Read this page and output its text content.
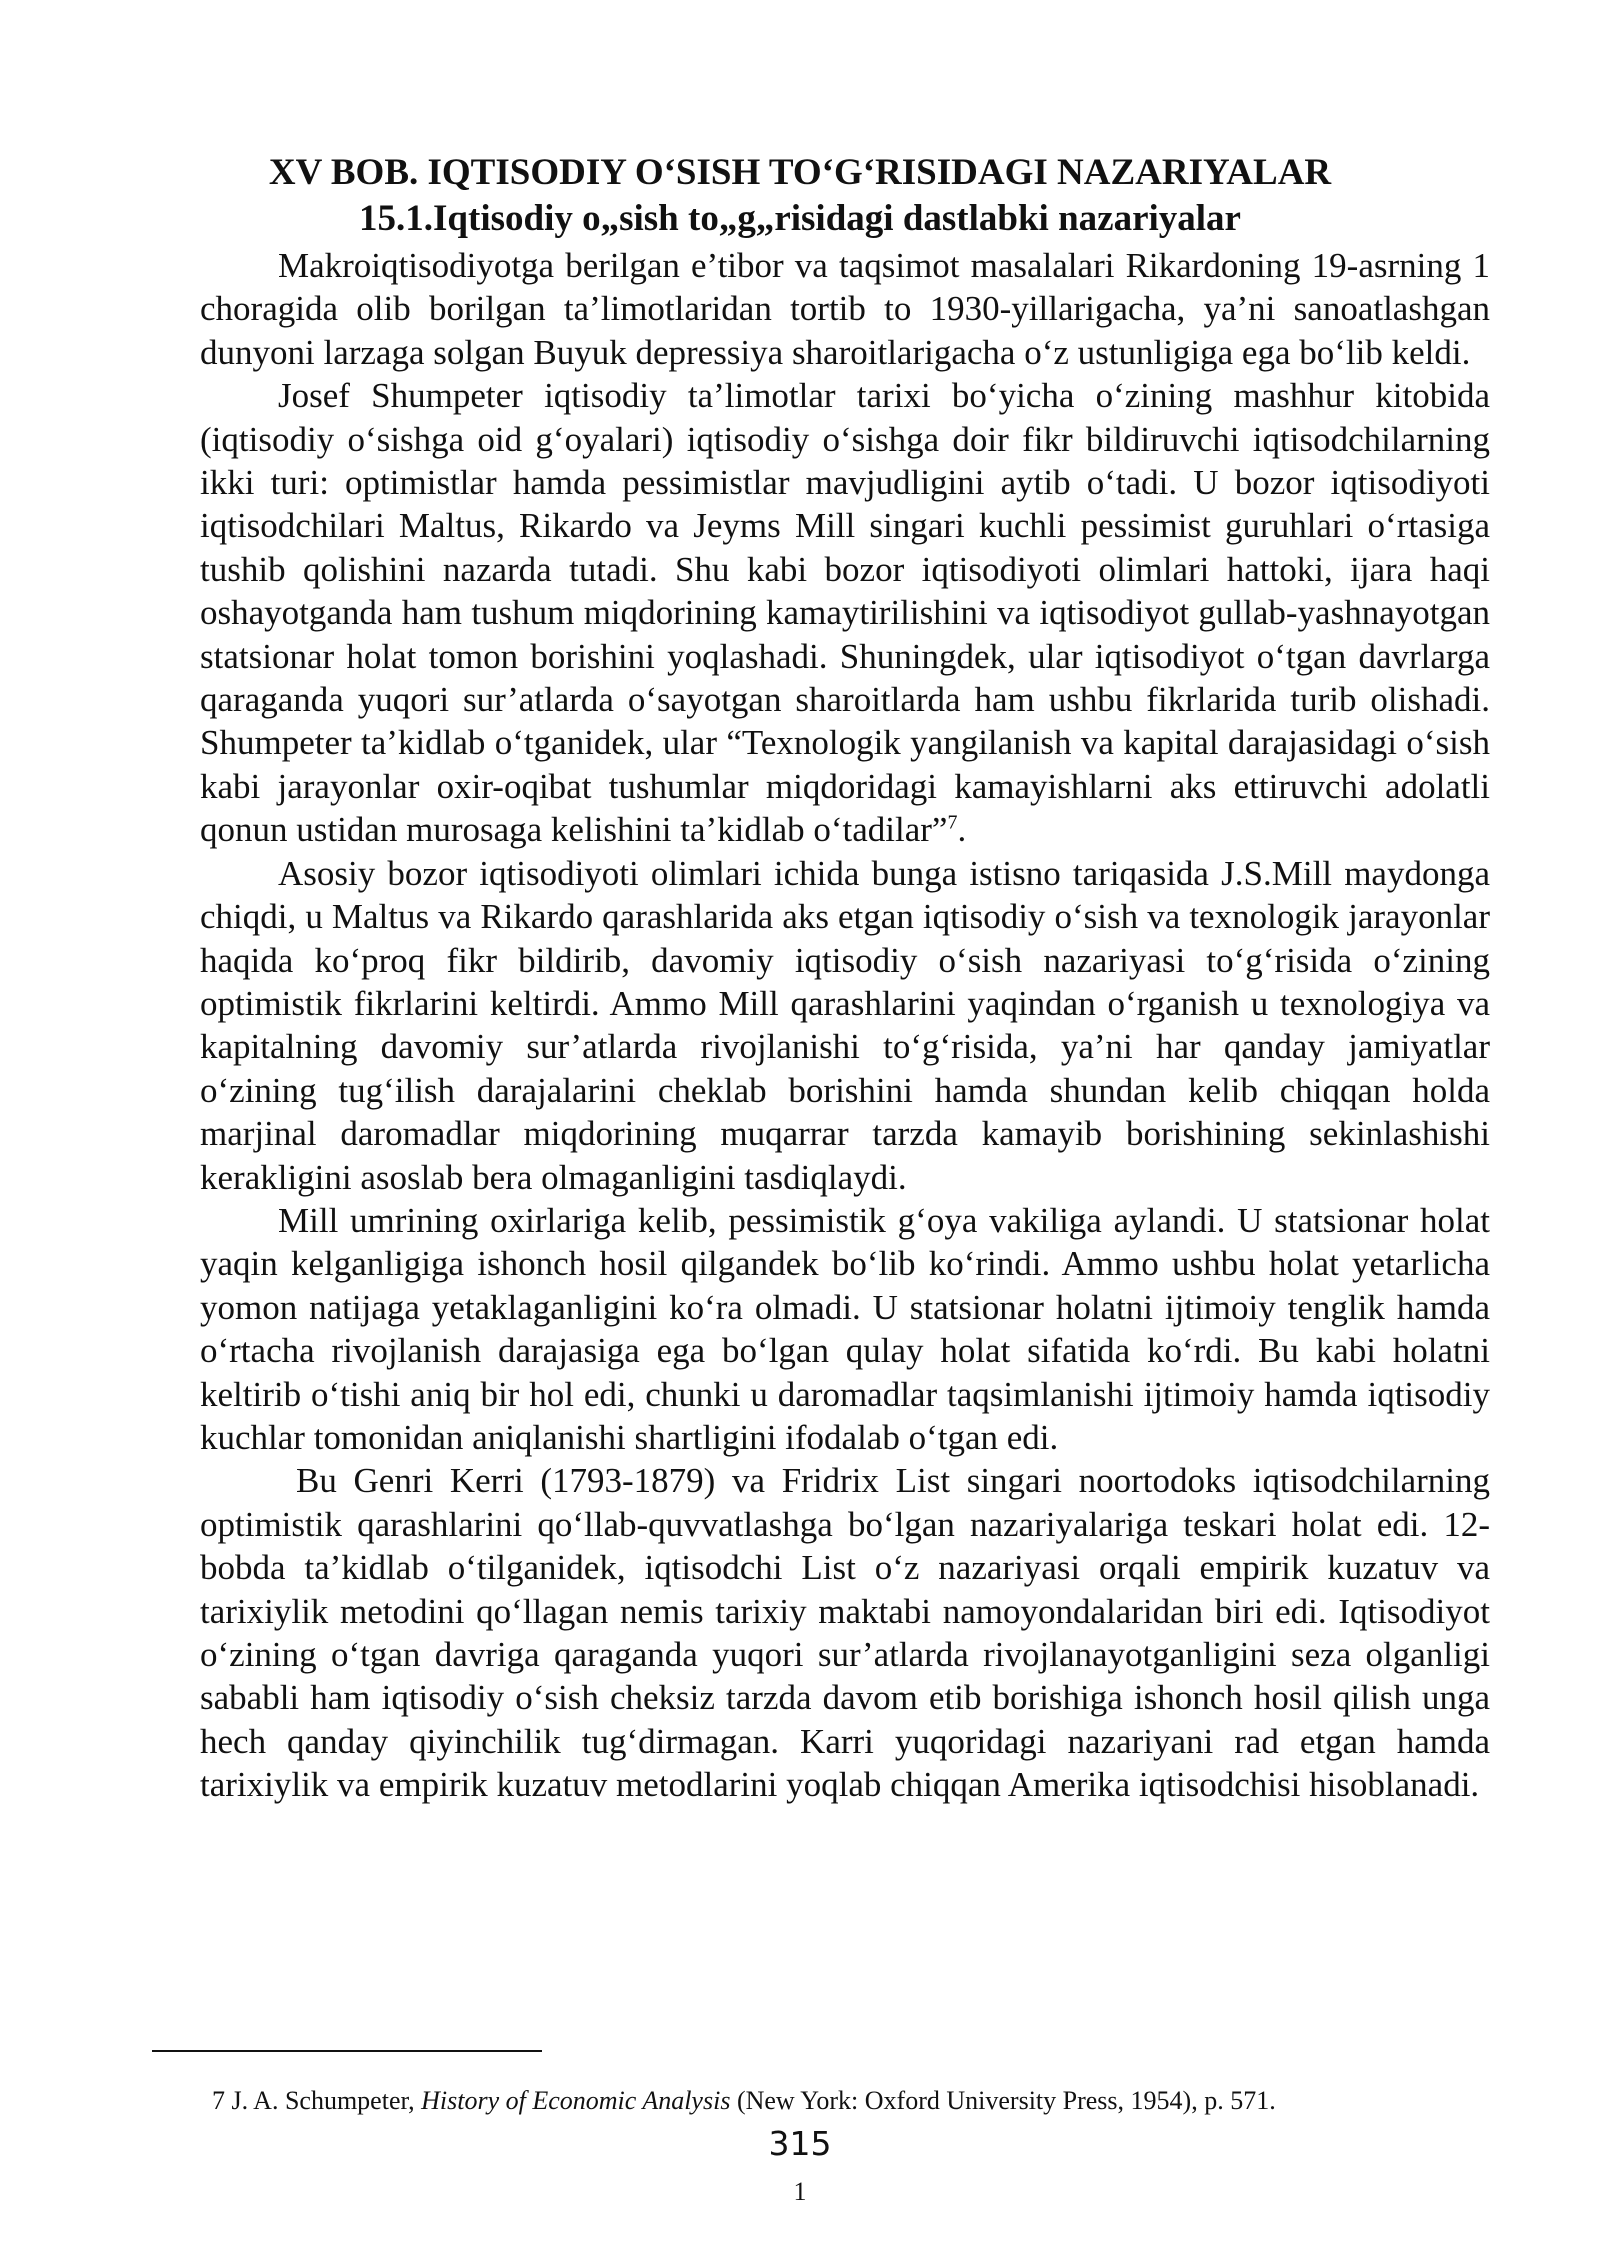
XV BOB. IQTISODIY O‘SISH TO‘G‘RISIDAGI NAZARIYALAR
15.1.Iqtisodiy o„sish to„g„risidagi dastlabki nazariyalar

Makroiqtisodiyotga berilgan e’tibor va taqsimot masalalari Rikardoning 19-asrning 1 choragida olib borilgan ta’limotlaridan tortib to 1930-yillarigacha, ya’ni sanoatlashgan dunyoni larzaga solgan Buyuk depressiya sharoitlarigacha o‘z ustunligiga ega bo‘lib keldi.

Josef Shumpeter iqtisodiy ta’limotlar tarixi bo‘yicha o‘zining mashhur kitobida (iqtisodiy o‘sishga oid g‘oyalari) iqtisodiy o‘sishga doir fikr bildiruvchi iqtisodchilarning ikki turi: optimistlar hamda pessimistlar mavjudligini aytib o‘tadi. U bozor iqtisodiyoti iqtisodchilari Maltus, Rikardo va Jeyms Mill singari kuchli pessimist guruhlari o‘rtasiga tushib qolishini nazarda tutadi. Shu kabi bozor iqtisodiyoti olimlari hattoki, ijara haqi oshayotganda ham tushum miqdorining kamaytirilishini va iqtisodiyot gullab-yashnayotgan statsionar holat tomon borishini yoqlashadi. Shuningdek, ular iqtisodiyot o‘tgan davrlarga qaraganda yuqori sur’atlarda o‘sayotgan sharoitlarda ham ushbu fikrlarida turib olishadi. Shumpeter ta’kidlab o‘tganidek, ular “Texnologik yangilanish va kapital darajasidagi o‘sish kabi jarayonlar oxir-oqibat tushumlar miqdoridagi kamayishlarni aks ettiruvchi adolatli qonun ustidan murosaga kelishini ta’kidlab o‘tadilar”$^7$.

Asosiy bozor iqtisodiyoti olimlari ichida bunga istisno tariqasida J.S.Mill maydonga chiqdi, u Maltus va Rikardo qarashlarida aks etgan iqtisodiy o‘sish va texnologik jarayonlar haqida ko‘proq fikr bildirib, davomiy iqtisodiy o‘sish nazariyasi to‘g‘risida o‘zining optimistik fikrlarini keltirdi. Ammo Mill qarashlarini yaqindan o‘rganish u texnologiya va kapitalning davomiy sur’atlarda rivojlanishi to‘g‘risida, ya’ni har qanday jamiyatlar o‘zining tug‘ilish darajalarini cheklab borishini hamda shundan kelib chiqqan holda marjinal daromadlar miqdorining muqarrar tarzda kamayib borishining sekinlashishi kerakligini asoslab bera olmaganligini tasdiqlaydi.

Mill umrining oxirlariga kelib, pessimistik g‘oya vakiliga aylandi. U statsionar holat yaqin kelganligiga ishonch hosil qilgandek bo‘lib ko‘rindi. Ammo ushbu holat yetarlicha yomon natijaga yetaklaganligini ko‘ra olmadi. U statsionar holatni ijtimoiy tenglik hamda o‘rtacha rivojlanish darajasiga ega bo‘lgan qulay holat sifatida ko‘rdi. Bu kabi holatni keltirib o‘tishi aniq bir hol edi, chunki u daromadlar taqsimlanishi ijtimoiy hamda iqtisodiy kuchlar tomonidan aniqlanishi shartligini ifodalab o‘tgan edi.

Bu Genri Kerri (1793-1879) va Fridrix List singari noortodoks iqtisodchilarning optimistik qarashlarini qo‘llab-quvvatlashga bo‘lgan nazariyalariga teskari holat edi. 12-bobda ta’kidlab o‘tilganidek, iqtisodchi List o‘z nazariyasi orqali empirik kuzatuv va tarixiylik metodini qo‘llagan nemis tarixiy maktabi namoyondalaridan biri edi. Iqtisodiyot o‘zining o‘tgan davriga qaraganda yuqori sur’atlarda rivojlanayotganligini seza olganligi sababli ham iqtisodiy o‘sish cheksiz tarzda davom etib borishiga ishonch hosil qilish unga hech qanday qiyinchilik tug‘dirmagan. Karri yuqoridagi nazariyani rad etgan hamda tarixiylik va empirik kuzatuv metodlarini yoqlab chiqqan Amerika iqtisodchisi hisoblanadi.

7 J. A. Schumpeter, History of Economic Analysis (New York: Oxford University Press, 1954), p. 571.

315
1
